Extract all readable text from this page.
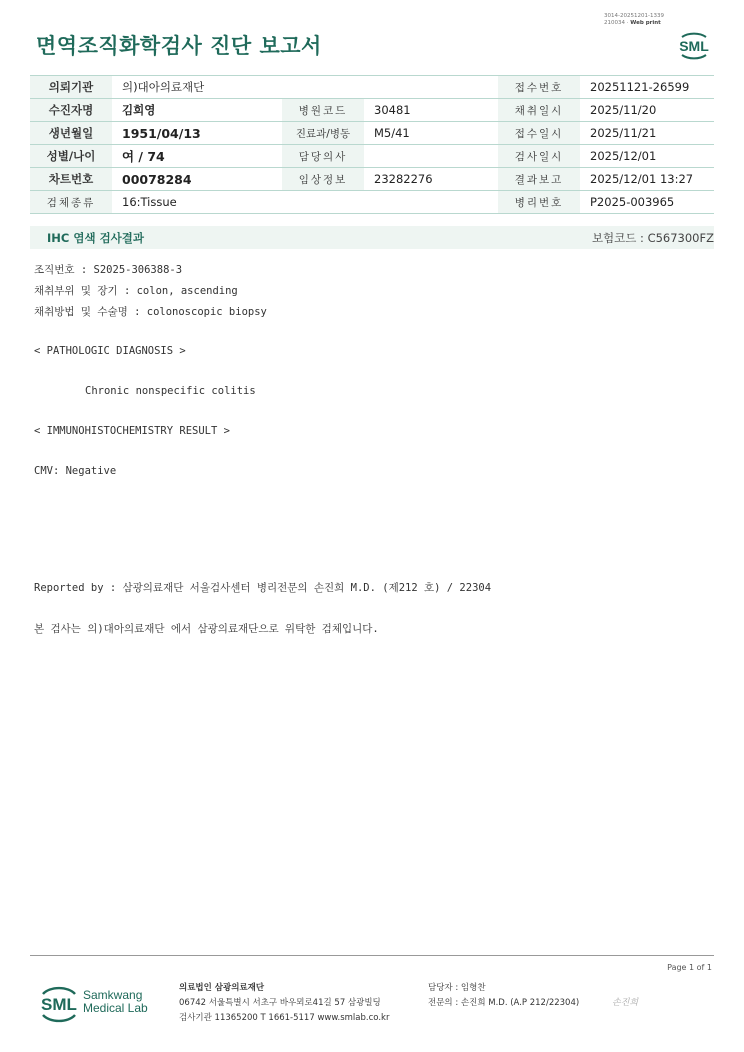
면역조직화학검사 진단 보고서
3014-20251201-1339
210034 · Web print
SML
의뢰기관	의)대아의료재단			접수번호	20251121-26599
수진자명	김희영	병원코드	30481	채취일시	2025/11/20
생년월일	1951/04/13	진료과/병동	M5/41	접수일시	2025/11/21
성별/나이	여 / 74	담당의사		검사일시	2025/12/01
차트번호	00078284	임상정보	23282276	결과보고	2025/12/01 13:27
검체종류	16:Tissue			병리번호	P2025-003965
IHC 염색 검사결과	보험코드 : C567300FZ
조직번호 : S2025-306388-3
채취부위 및 장기 : colon, ascending
채취방법 및 수술명 : colonoscopic biopsy
< PATHOLOGIC DIAGNOSIS >
Chronic nonspecific colitis
< IMMUNOHISTOCHEMISTRY RESULT >
CMV: Negative
Reported by : 삼광의료재단 서울검사센터 병리전문의 손진희 M.D. (제212 호) / 22304
본 검사는 의)대아의료재단 에서 삼광의료재단으로 위탁한 검체입니다.
Page 1 of 1
SML Samkwang
Medical Lab
의료법인 삼광의료재단
06742 서울특별시 서초구 바우뫼로41길 57 삼광빌딩
검사기관 11365200 T 1661-5117 www.smlab.co.kr
담당자 : 임형찬
전문의 : 손진희 M.D. (A.P 212/22304)	손진희
